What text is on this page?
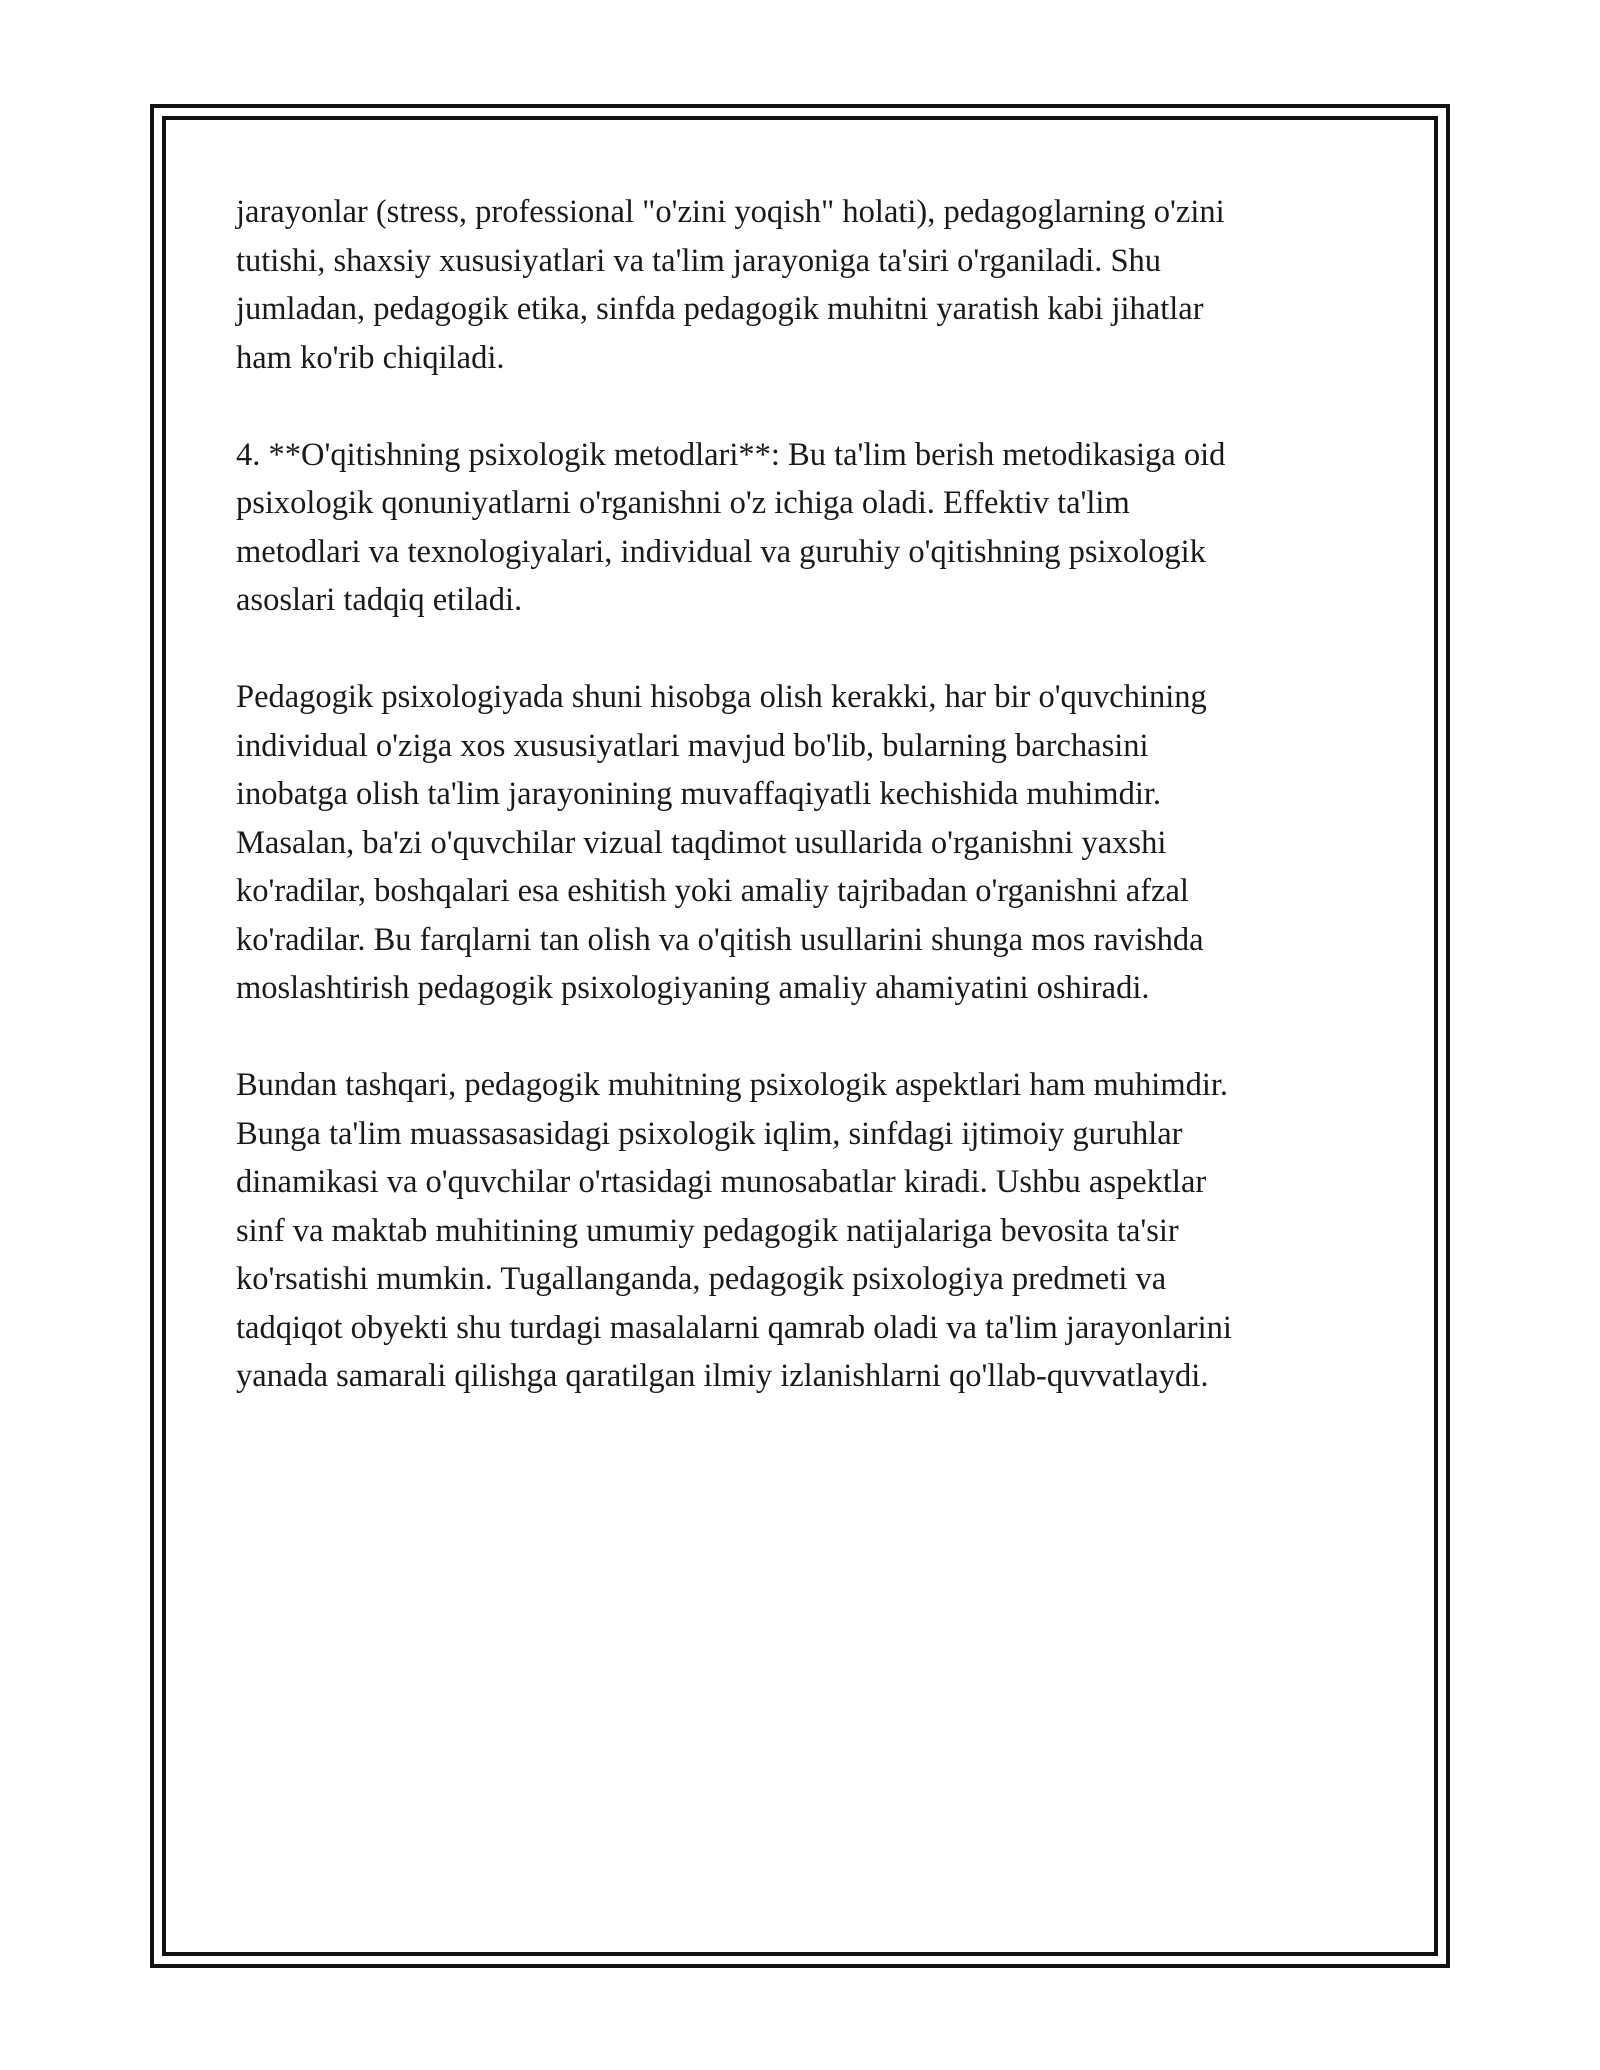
jarayonlar (stress, professional "o'zini yoqish" holati), pedagoglarning o'zini
tutishi, shaxsiy xususiyatlari va ta'lim jarayoniga ta'siri o'rganiladi. Shu
jumladan, pedagogik etika, sinfda pedagogik muhitni yaratish kabi jihatlar
ham ko'rib chiqiladi.

4. **O'qitishning psixologik metodlari**: Bu ta'lim berish metodikasiga oid
psixologik qonuniyatlarni o'rganishni o'z ichiga oladi. Effektiv ta'lim
metodlari va texnologiyalari, individual va guruhiy o'qitishning psixologik
asoslari tadqiq etiladi.

Pedagogik psixologiyada shuni hisobga olish kerakki, har bir o'quvchining
individual o'ziga xos xususiyatlari mavjud bo'lib, bularning barchasini
inobatga olish ta'lim jarayonining muvaffaqiyatli kechishida muhimdir.
Masalan, ba'zi o'quvchilar vizual taqdimot usullarida o'rganishni yaxshi
ko'radilar, boshqalari esa eshitish yoki amaliy tajribadan o'rganishni afzal
ko'radilar. Bu farqlarni tan olish va o'qitish usullarini shunga mos ravishda
moslashtirish pedagogik psixologiyaning amaliy ahamiyatini oshiradi.

Bundan tashqari, pedagogik muhitning psixologik aspektlari ham muhimdir.
Bunga ta'lim muassasasidagi psixologik iqlim, sinfdagi ijtimoiy guruhlar
dinamikasi va o'quvchilar o'rtasidagi munosabatlar kiradi. Ushbu aspektlar
sinf va maktab muhitining umumiy pedagogik natijalariga bevosita ta'sir
ko'rsatishi mumkin. Tugallanganda, pedagogik psixologiya predmeti va
tadqiqot obyekti shu turdagi masalalarni qamrab oladi va ta'lim jarayonlarini
yanada samarali qilishga qaratilgan ilmiy izlanishlarni qo'llab-quvvatlaydi.
